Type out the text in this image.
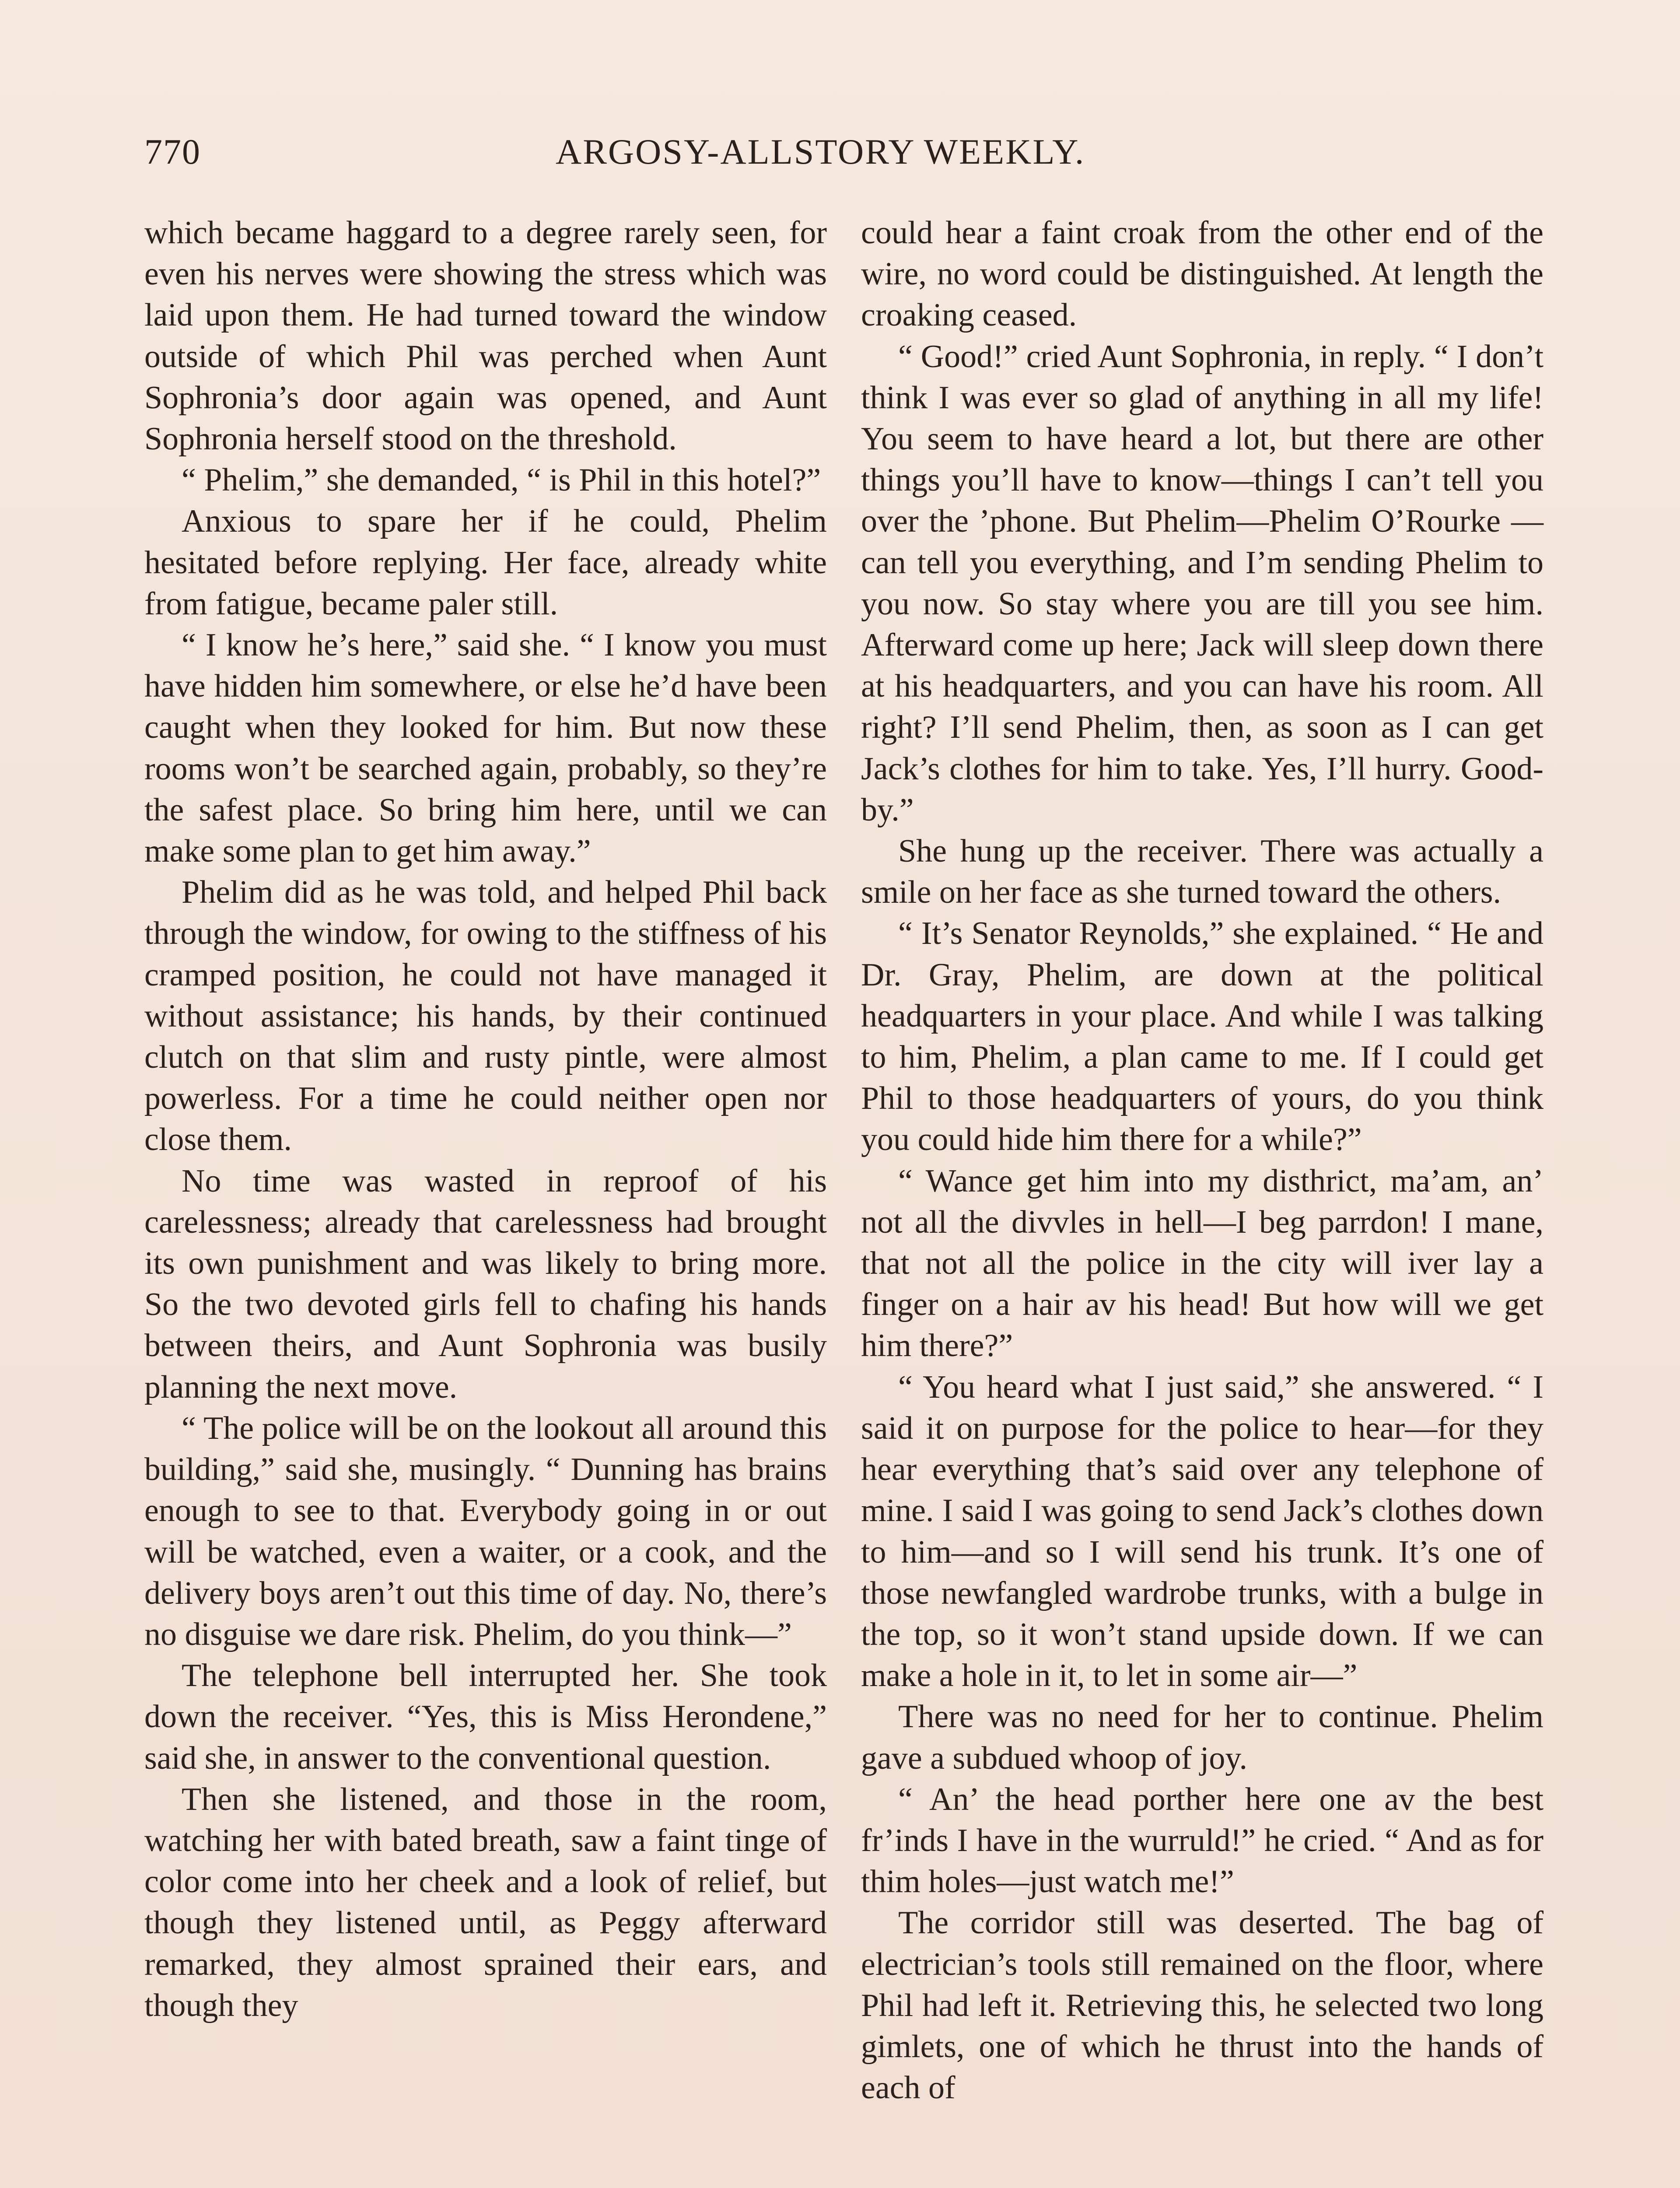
770	ARGOSY-ALLSTORY WEEKLY.

which became haggard to a degree rarely seen, for even his nerves were showing the stress which was laid upon them. He had turned toward the window outside of which Phil was perched when Aunt Sophronia’s door again was opened, and Aunt Sophronia herself stood on the threshold.

“ Phelim,” she demanded, “ is Phil in this hotel?”

Anxious to spare her if he could, Phelim hesitated before replying. Her face, already white from fatigue, became paler still.

“ I know he’s here,” said she. “ I know you must have hidden him somewhere, or else he’d have been caught when they looked for him. But now these rooms won’t be searched again, probably, so they’re the safest place. So bring him here, until we can make some plan to get him away.”

Phelim did as he was told, and helped Phil back through the window, for owing to the stiffness of his cramped position, he could not have managed it without assistance; his hands, by their continued clutch on that slim and rusty pintle, were almost powerless. For a time he could neither open nor close them.

No time was wasted in reproof of his carelessness; already that carelessness had brought its own punishment and was likely to bring more. So the two devoted girls fell to chafing his hands between theirs, and Aunt Sophronia was busily planning the next move.

“ The police will be on the lookout all around this building,” said she, musingly. “ Dunning has brains enough to see to that. Everybody going in or out will be watched, even a waiter, or a cook, and the delivery boys aren’t out this time of day. No, there’s no disguise we dare risk. Phelim, do you think—”

The telephone bell interrupted her. She took down the receiver. “Yes, this is Miss Herondene,” said she, in answer to the conventional question.

Then she listened, and those in the room, watching her with bated breath, saw a faint tinge of color come into her cheek and a look of relief, but though they listened until, as Peggy afterward remarked, they almost sprained their ears, and though they

could hear a faint croak from the other end of the wire, no word could be distinguished. At length the croaking ceased.

“ Good!” cried Aunt Sophronia, in reply. “ I don’t think I was ever so glad of anything in all my life! You seem to have heard a lot, but there are other things you’ll have to know—things I can’t tell you over the ’phone. But Phelim—Phelim O’Rourke —can tell you everything, and I’m sending Phelim to you now. So stay where you are till you see him. Afterward come up here; Jack will sleep down there at his headquarters, and you can have his room. All right? I’ll send Phelim, then, as soon as I can get Jack’s clothes for him to take. Yes, I’ll hurry. Good-by.”

She hung up the receiver. There was actually a smile on her face as she turned toward the others.

“ It’s Senator Reynolds,” she explained. “ He and Dr. Gray, Phelim, are down at the political headquarters in your place. And while I was talking to him, Phelim, a plan came to me. If I could get Phil to those headquarters of yours, do you think you could hide him there for a while?”

“ Wance get him into my disthrict, ma’am, an’ not all the divvles in hell—I beg parrdon! I mane, that not all the police in the city will iver lay a finger on a hair av his head! But how will we get him there?”

“ You heard what I just said,” she answered. “ I said it on purpose for the police to hear—for they hear everything that’s said over any telephone of mine. I said I was going to send Jack’s clothes down to him—and so I will send his trunk. It’s one of those newfangled wardrobe trunks, with a bulge in the top, so it won’t stand upside down. If we can make a hole in it, to let in some air—”

There was no need for her to continue. Phelim gave a subdued whoop of joy.

“ An’ the head porther here one av the best fr’inds I have in the wurruld!” he cried. “ And as for thim holes—just watch me!”

The corridor still was deserted. The bag of electrician’s tools still remained on the floor, where Phil had left it. Retrieving this, he selected two long gimlets, one of which he thrust into the hands of each of
